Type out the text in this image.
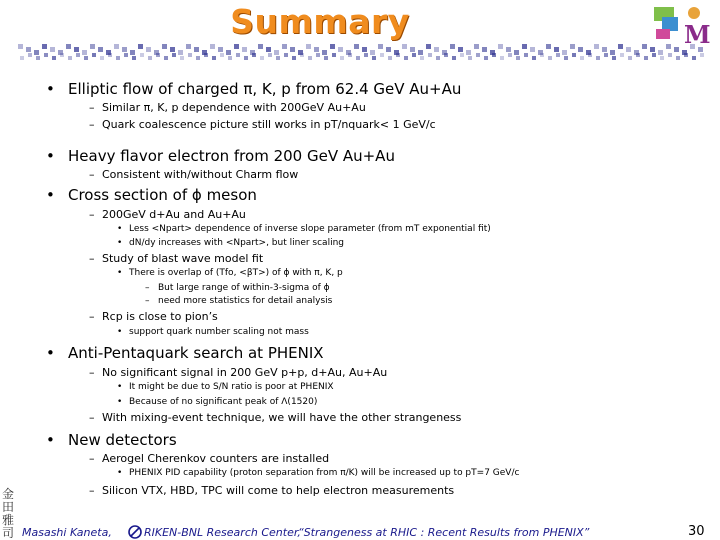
Summary	M
金田雅司
• Elliptic flow of charged π, K, p from 62.4 GeV Au+Au
– Similar π, K, p dependence with 200GeV Au+Au
– Quark coalescence picture still works in pT/nquark< 1 GeV/c
• Heavy flavor electron from 200 GeV Au+Au
– Consistent with/without Charm flow
• Cross section of ϕ meson
– 200GeV d+Au and Au+Au
• Less <Npart> dependence of inverse slope parameter (from mT exponential fit)
• dN/dy increases with <Npart>, but liner scaling
– Study of blast wave model fit
• There is overlap of (Tfo, <βT>) of ϕ with π, K, p
– But large range of within-3-sigma of ϕ
– need more statistics for detail analysis
– Rcp is close to pion’s
• support quark number scaling not mass
• Anti-Pentaquark search at PHENIX
– No significant signal in 200 GeV p+p, d+Au, Au+Au
• It might be due to S/N ratio is poor at PHENIX
• Because of no significant peak of Λ(1520)
– With mixing-event technique, we will have the other strangeness
• New detectors
– Aerogel Cherenkov counters are installed
• PHENIX PID capability (proton separation from π/K) will be increased up to pT=7 GeV/c
– Silicon VTX, HBD, TPC will come to help electron measurements
Masashi Kaneta,	RIKEN-BNL Research Center,
“Strangeness at RHIC : Recent Results from PHENIX”	30
